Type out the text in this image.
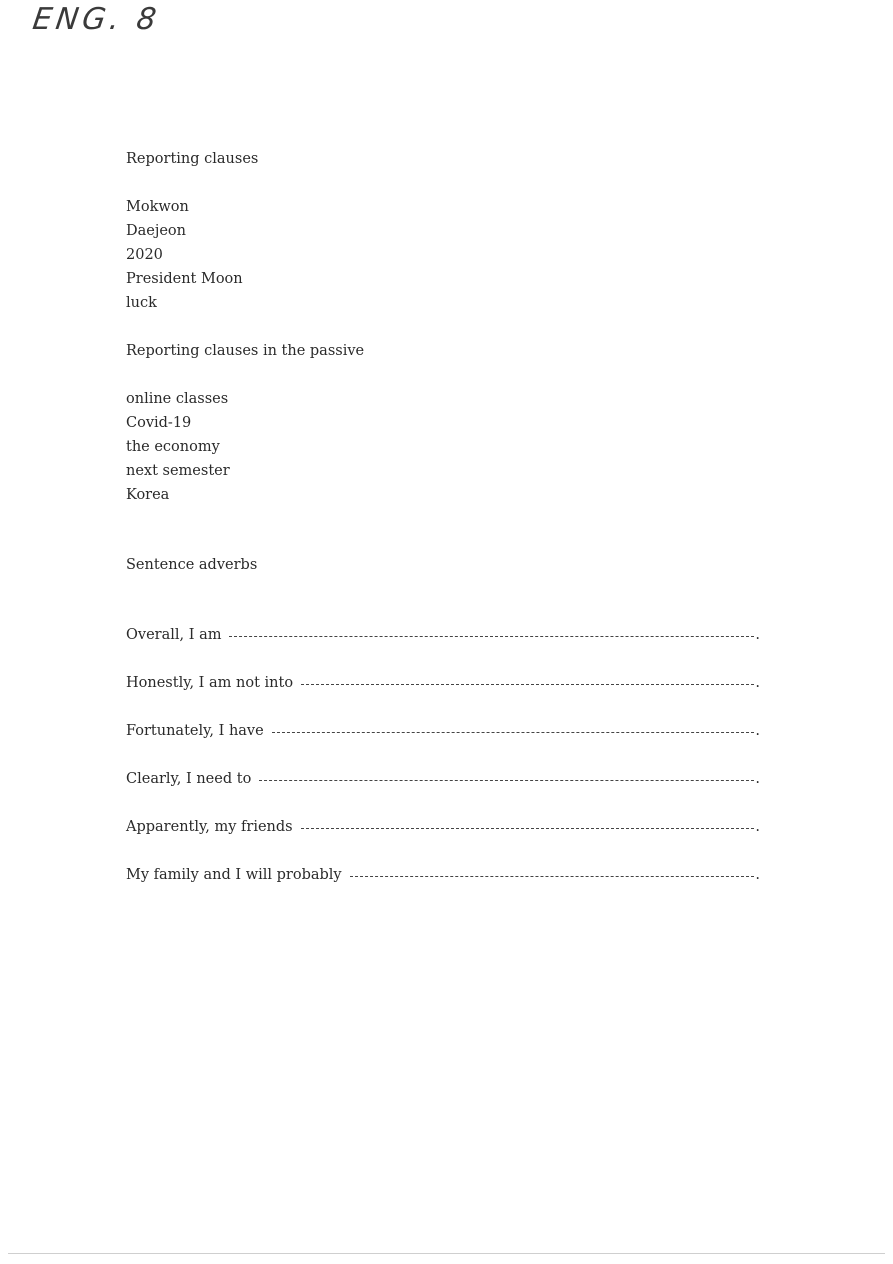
ENG. 8
Reporting clauses
Mokwon
Daejeon
2020
President Moon
luck
Reporting clauses in the passive
online classes
Covid-19
the economy
next semester
Korea
Sentence adverbs
Overall, I am	.
Honestly, I am not into	.
Fortunately, I have	.
Clearly, I need to	.
Apparently, my friends	.
My family and I will probably	.
